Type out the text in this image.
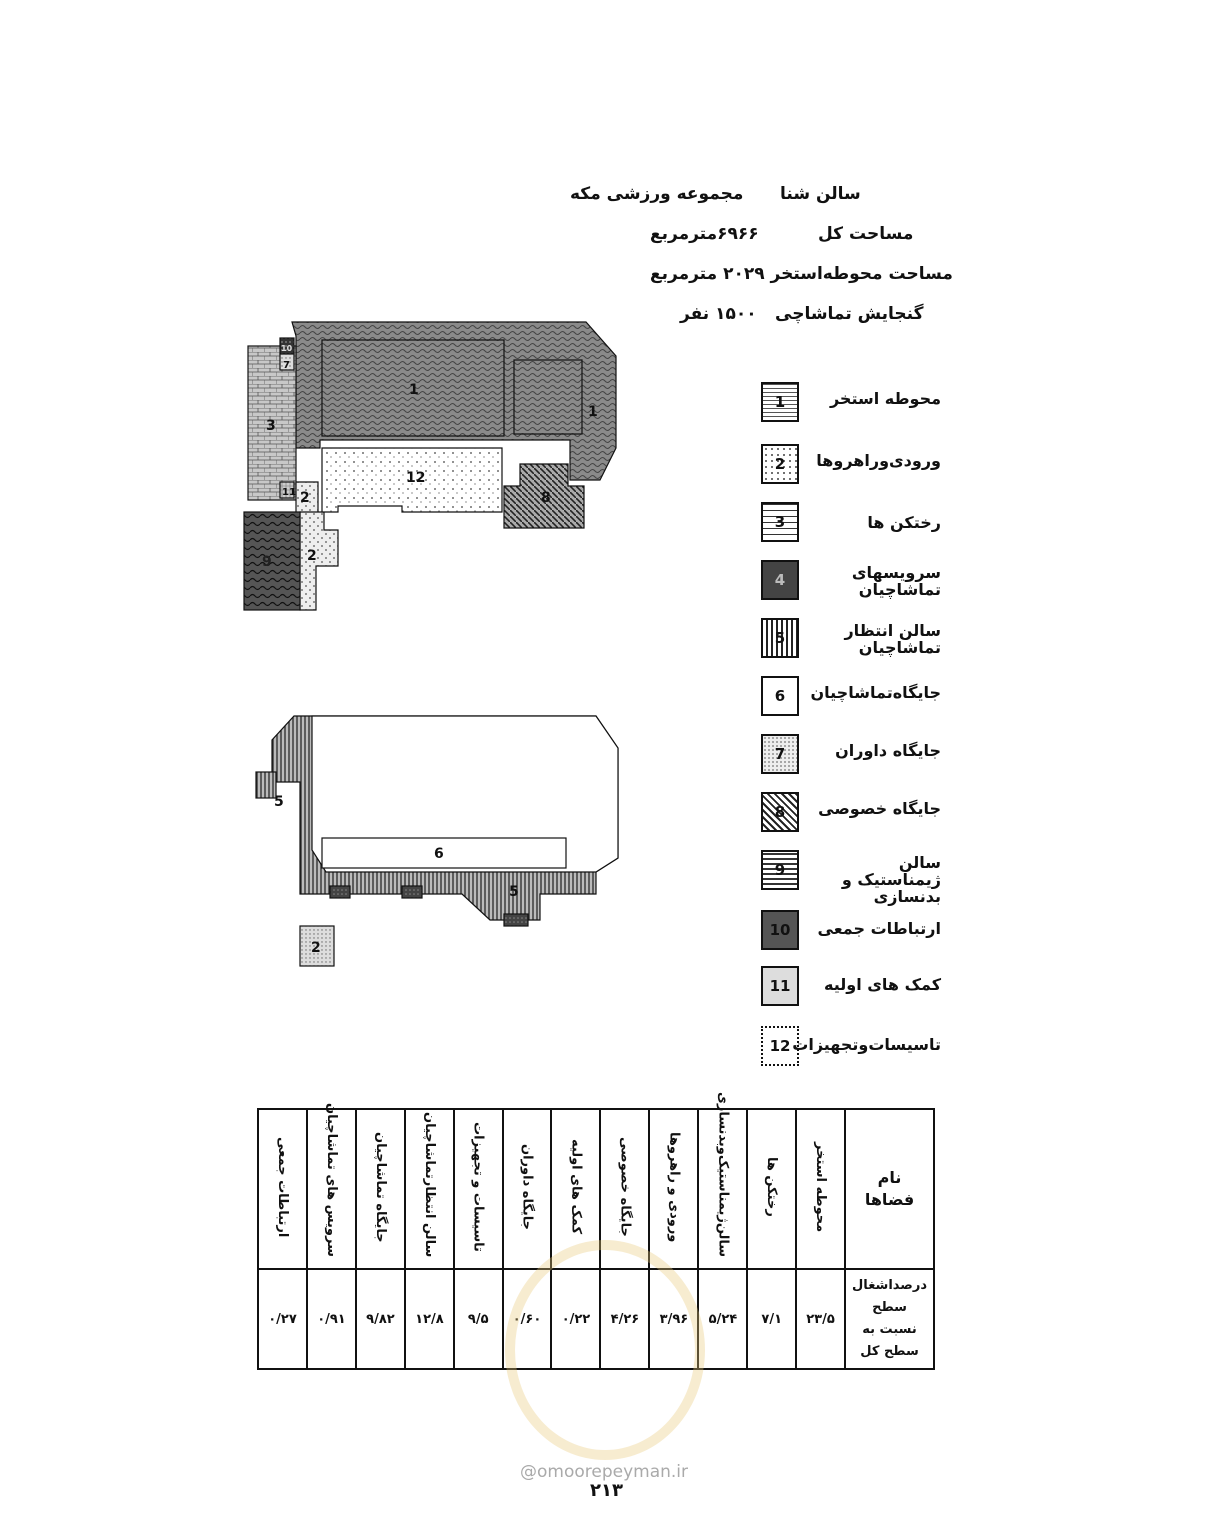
مجموعه ورزشی مکه سالن شنا
۶۹۶۶مترمربع	مساحت کل
مساحت محوطه‌استخر ۲۰۲۹ مترمربع
۱۵۰۰ نفر گنجایش تماشاچی
1
1
3
7
10
11 2
2
12
8
9
5
6
5
2
1	محوطه استخر
2	ورودی‌وراهروها
3	رختکن ها
4	سرویسهای تماشاچیان
5	سالن انتظار تماشاچیان
6	جایگاه‌تماشاچیان
7	جایگاه داوران
8	جایگاه خصوصی
9	سالن ژیمناستیک و بدنسازی
10	ارتباطات جمعی
11	کمک های اولیه
12 تاسیسات‌وتجهیزات
ارتباطات جمعی	سرویس های تماشاچیان	جایگاه تماشاچیان	سالن انتظارتماشاچیان	تاسیسات و تجهیزات	جایگاه داوران	کمک های اولیه	جایگاه خصوصی	ورودی و راهروها	سالن‌ژیمناستیک‌وبدنسازی	رختکن ها	محوطه استخر	نام فضاها
۰/۲۷	۰/۹۱	۹/۸۲	۱۲/۸	۹/۵	۰/۶۰	۰/۲۲	۴/۲۶	۳/۹۶	۵/۲۴	۷/۱	۲۳/۵	درصد‌اشغال سطح نسبت به سطح کل
@omoorepeyman.ir
۲۱۳
